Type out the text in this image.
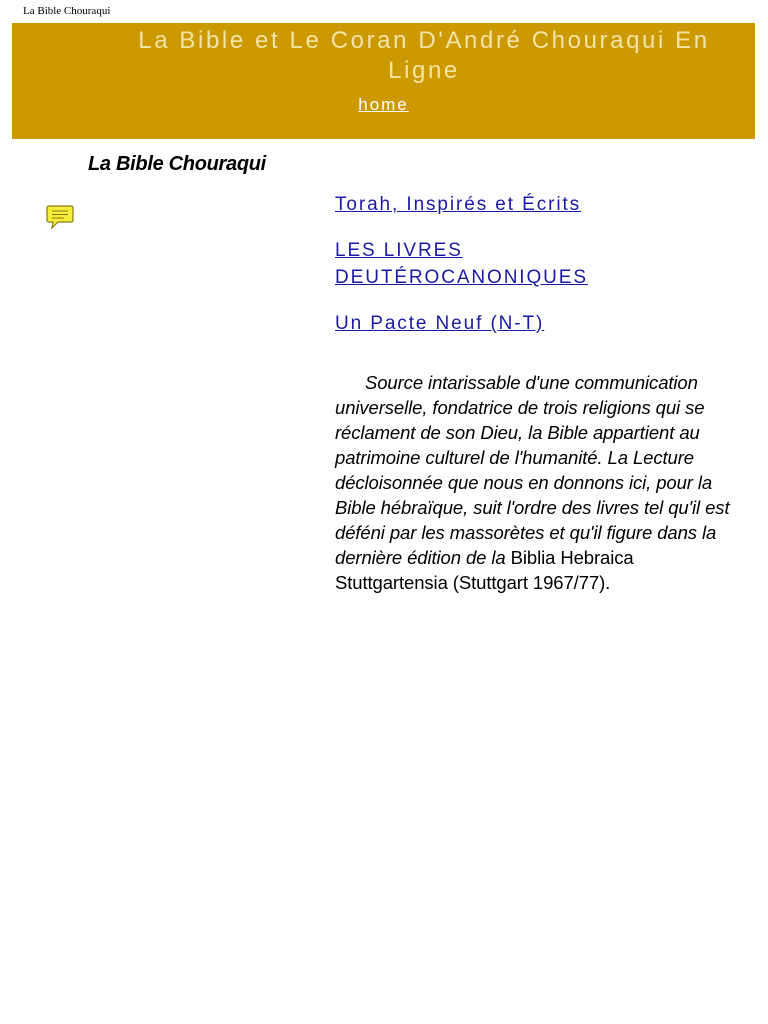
La Bible Chouraqui
La Bible et Le Coran D'André Chouraqui En Ligne
home
La Bible Chouraqui
Torah, Inspirés et Écrits
LES LIVRES DEUTÉROCANONIQUES
Un Pacte Neuf (N-T)
Source intarissable d'une communication universelle, fondatrice de trois religions qui se réclament de son Dieu, la Bible appartient au patrimoine culturel de l'humanité. La Lecture décloisonnée que nous en donnons ici, pour la Bible hébraïque, suit l'ordre des livres tel qu'il est déféni par les massorètes et qu'il figure dans la dernière édition de la Biblia Hebraica Stuttgartensia (Stuttgart 1967/77).
